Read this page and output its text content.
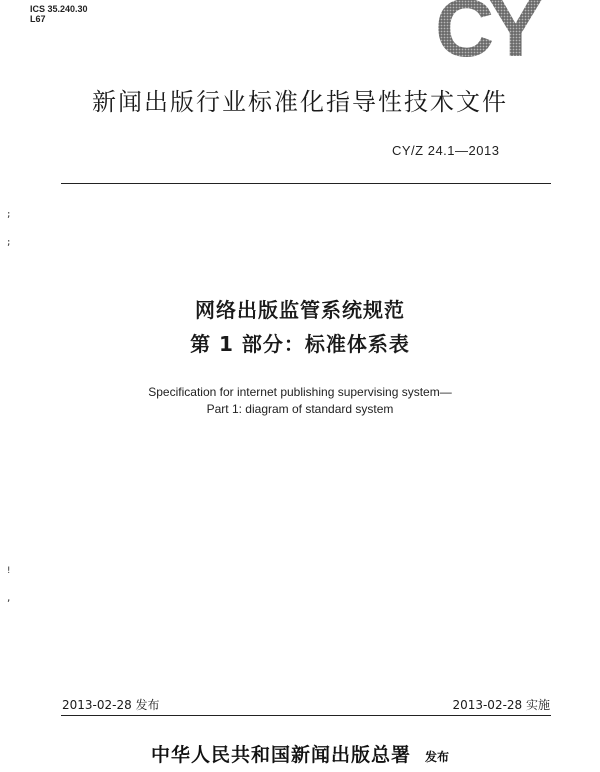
ICS 35.240.30
L67	CY
新闻出版行业标准化指导性技术文件
CY/Z 24.1—2013
;
;
!
,
网络出版监管系统规范
第 1 部分：标准体系表
Specification for internet publishing supervising system—
Part 1: diagram of standard system
2013-02-28 发布	2013-02-28 实施
中华人民共和国新闻出版总署 发布
